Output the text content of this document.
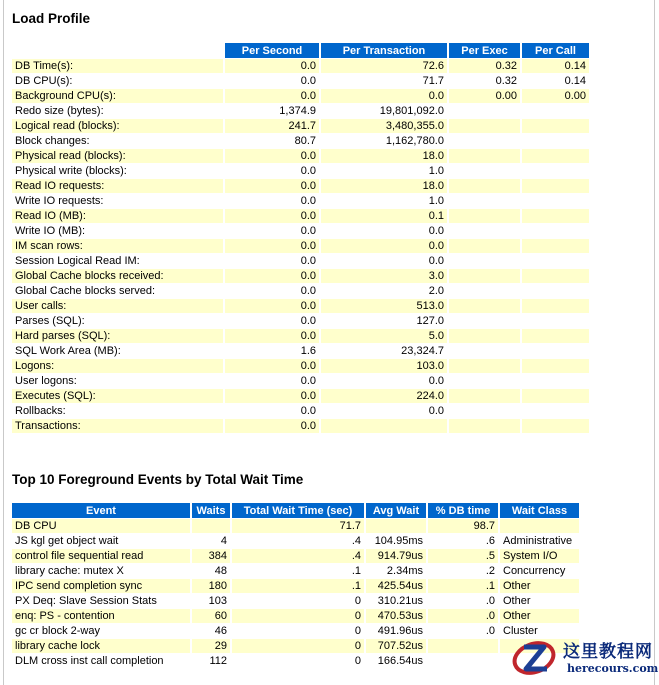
Load Profile
	Per Second	Per Transaction	Per Exec	Per Call
DB Time(s):	0.0	72.6	0.32	0.14
DB CPU(s):	0.0	71.7	0.32	0.14
Background CPU(s):	0.0	0.0	0.00	0.00
Redo size (bytes):	1,374.9	19,801,092.0		
Logical read (blocks):	241.7	3,480,355.0		
Block changes:	80.7	1,162,780.0		
Physical read (blocks):	0.0	18.0		
Physical write (blocks):	0.0	1.0		
Read IO requests:	0.0	18.0		
Write IO requests:	0.0	1.0		
Read IO (MB):	0.0	0.1		
Write IO (MB):	0.0	0.0		
IM scan rows:	0.0	0.0		
Session Logical Read IM:	0.0	0.0		
Global Cache blocks received:	0.0	3.0		
Global Cache blocks served:	0.0	2.0		
User calls:	0.0	513.0		
Parses (SQL):	0.0	127.0		
Hard parses (SQL):	0.0	5.0		
SQL Work Area (MB):	1.6	23,324.7		
Logons:	0.0	103.0		
User logons:	0.0	0.0		
Executes (SQL):	0.0	224.0		
Rollbacks:	0.0	0.0		
Transactions:	0.0			
Top 10 Foreground Events by Total Wait Time
Event	Waits	Total Wait Time (sec)	Avg Wait	% DB time	Wait Class
DB CPU		71.7		98.7	
JS kgl get object wait	4	.4	104.95ms	.6	Administrative
control file sequential read	384	.4	914.79us	.5	System I/O
library cache: mutex X	48	.1	2.34ms	.2	Concurrency
IPC send completion sync	180	.1	425.54us	.1	Other
PX Deq: Slave Session Stats	103	0	310.21us	.0	Other
enq: PS - contention	60	0	470.53us	.0	Other
gc cr block 2-way	46	0	491.96us	.0	Cluster
library cache lock	29	0	707.52us		
DLM cross inst call completion	112	0	166.54us			这里教程网
herecours.com
